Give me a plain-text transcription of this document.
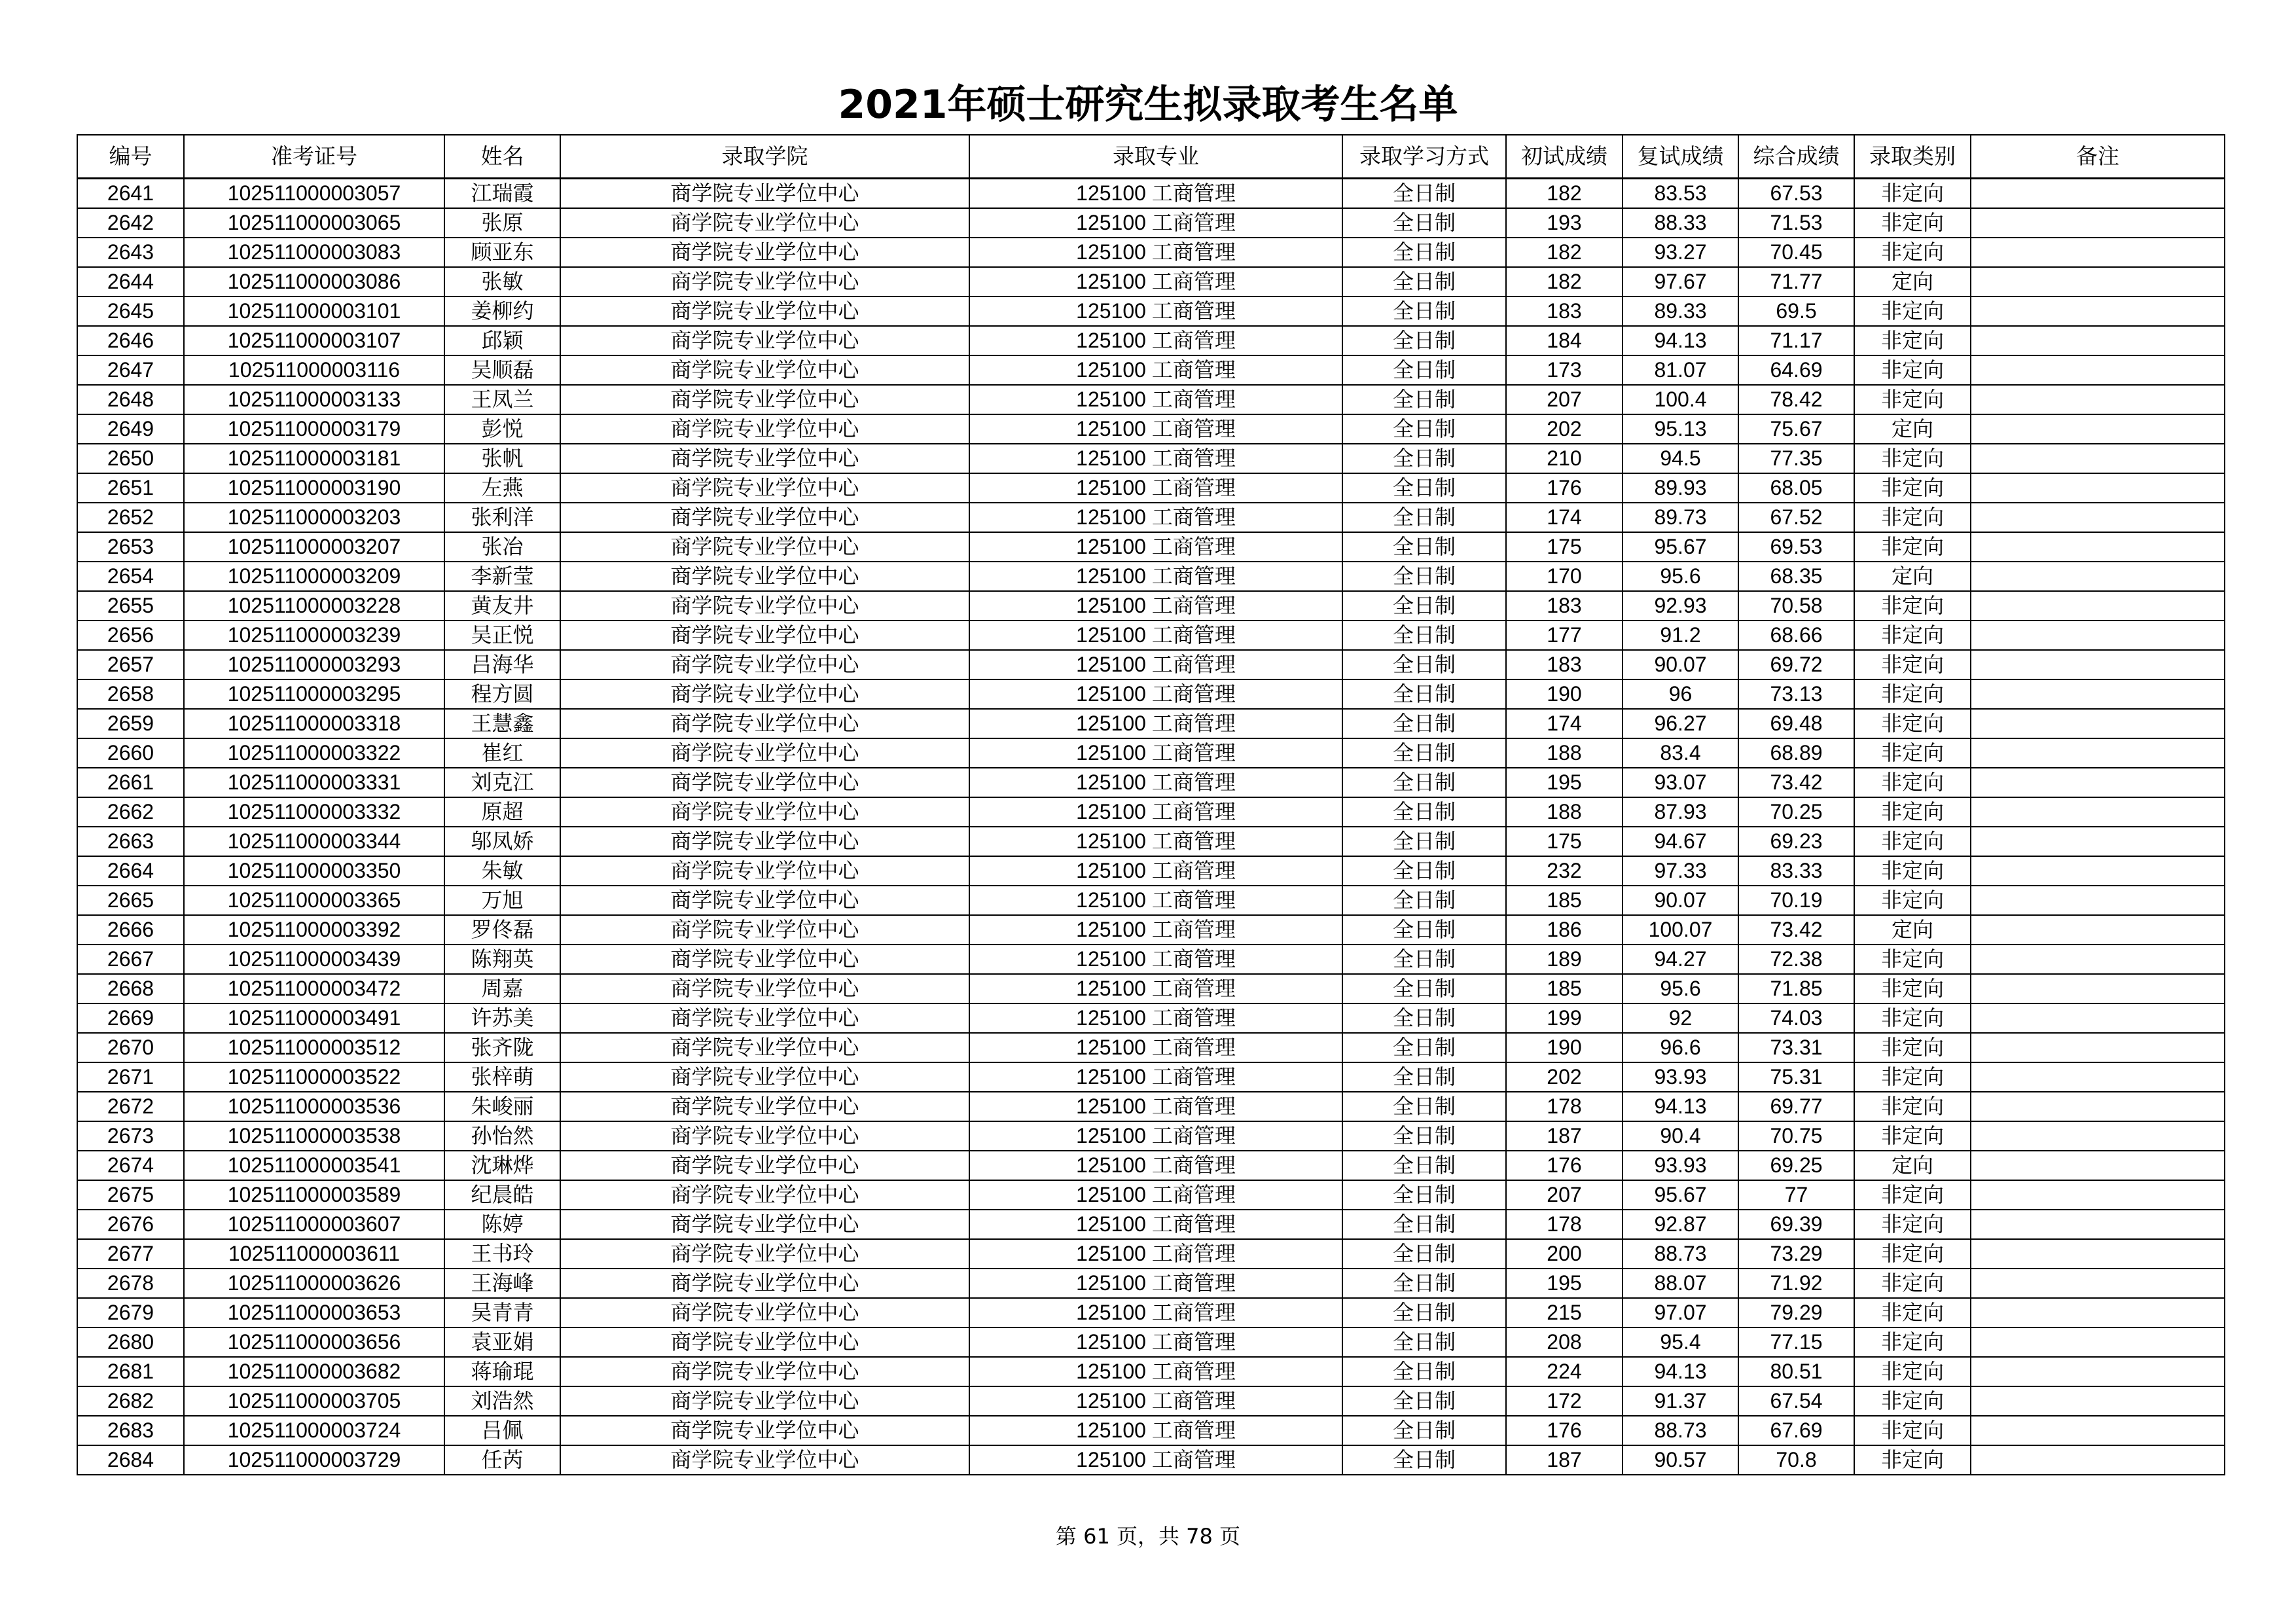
2021年硕士研究生拟录取考生名单
编号	准考证号	姓名	录取学院	录取专业	录取学习方式	初试成绩	复试成绩	综合成绩	录取类别	备注
2641	102511000003057	江瑞霞	商学院专业学位中心	125100 工商管理	全日制	182	83.53	67.53	非定向	
2642	102511000003065	张原	商学院专业学位中心	125100 工商管理	全日制	193	88.33	71.53	非定向	
2643	102511000003083	顾亚东	商学院专业学位中心	125100 工商管理	全日制	182	93.27	70.45	非定向	
2644	102511000003086	张敏	商学院专业学位中心	125100 工商管理	全日制	182	97.67	71.77	定向	
2645	102511000003101	姜柳约	商学院专业学位中心	125100 工商管理	全日制	183	89.33	69.5	非定向	
2646	102511000003107	邱颖	商学院专业学位中心	125100 工商管理	全日制	184	94.13	71.17	非定向	
2647	102511000003116	吴顺磊	商学院专业学位中心	125100 工商管理	全日制	173	81.07	64.69	非定向	
2648	102511000003133	王凤兰	商学院专业学位中心	125100 工商管理	全日制	207	100.4	78.42	非定向	
2649	102511000003179	彭悦	商学院专业学位中心	125100 工商管理	全日制	202	95.13	75.67	定向	
2650	102511000003181	张帆	商学院专业学位中心	125100 工商管理	全日制	210	94.5	77.35	非定向	
2651	102511000003190	左燕	商学院专业学位中心	125100 工商管理	全日制	176	89.93	68.05	非定向	
2652	102511000003203	张利洋	商学院专业学位中心	125100 工商管理	全日制	174	89.73	67.52	非定向	
2653	102511000003207	张冶	商学院专业学位中心	125100 工商管理	全日制	175	95.67	69.53	非定向	
2654	102511000003209	李新莹	商学院专业学位中心	125100 工商管理	全日制	170	95.6	68.35	定向	
2655	102511000003228	黄友井	商学院专业学位中心	125100 工商管理	全日制	183	92.93	70.58	非定向	
2656	102511000003239	吴正悦	商学院专业学位中心	125100 工商管理	全日制	177	91.2	68.66	非定向	
2657	102511000003293	吕海华	商学院专业学位中心	125100 工商管理	全日制	183	90.07	69.72	非定向	
2658	102511000003295	程方圆	商学院专业学位中心	125100 工商管理	全日制	190	96	73.13	非定向	
2659	102511000003318	王慧鑫	商学院专业学位中心	125100 工商管理	全日制	174	96.27	69.48	非定向	
2660	102511000003322	崔红	商学院专业学位中心	125100 工商管理	全日制	188	83.4	68.89	非定向	
2661	102511000003331	刘克江	商学院专业学位中心	125100 工商管理	全日制	195	93.07	73.42	非定向	
2662	102511000003332	原超	商学院专业学位中心	125100 工商管理	全日制	188	87.93	70.25	非定向	
2663	102511000003344	邬凤娇	商学院专业学位中心	125100 工商管理	全日制	175	94.67	69.23	非定向	
2664	102511000003350	朱敏	商学院专业学位中心	125100 工商管理	全日制	232	97.33	83.33	非定向	
2665	102511000003365	万旭	商学院专业学位中心	125100 工商管理	全日制	185	90.07	70.19	非定向	
2666	102511000003392	罗佟磊	商学院专业学位中心	125100 工商管理	全日制	186	100.07	73.42	定向	
2667	102511000003439	陈翔英	商学院专业学位中心	125100 工商管理	全日制	189	94.27	72.38	非定向	
2668	102511000003472	周嘉	商学院专业学位中心	125100 工商管理	全日制	185	95.6	71.85	非定向	
2669	102511000003491	许苏美	商学院专业学位中心	125100 工商管理	全日制	199	92	74.03	非定向	
2670	102511000003512	张齐陇	商学院专业学位中心	125100 工商管理	全日制	190	96.6	73.31	非定向	
2671	102511000003522	张梓萌	商学院专业学位中心	125100 工商管理	全日制	202	93.93	75.31	非定向	
2672	102511000003536	朱峻丽	商学院专业学位中心	125100 工商管理	全日制	178	94.13	69.77	非定向	
2673	102511000003538	孙怡然	商学院专业学位中心	125100 工商管理	全日制	187	90.4	70.75	非定向	
2674	102511000003541	沈琳烨	商学院专业学位中心	125100 工商管理	全日制	176	93.93	69.25	定向	
2675	102511000003589	纪晨皓	商学院专业学位中心	125100 工商管理	全日制	207	95.67	77	非定向	
2676	102511000003607	陈婷	商学院专业学位中心	125100 工商管理	全日制	178	92.87	69.39	非定向	
2677	102511000003611	王书玲	商学院专业学位中心	125100 工商管理	全日制	200	88.73	73.29	非定向	
2678	102511000003626	王海峰	商学院专业学位中心	125100 工商管理	全日制	195	88.07	71.92	非定向	
2679	102511000003653	吴青青	商学院专业学位中心	125100 工商管理	全日制	215	97.07	79.29	非定向	
2680	102511000003656	袁亚娟	商学院专业学位中心	125100 工商管理	全日制	208	95.4	77.15	非定向	
2681	102511000003682	蒋瑜琨	商学院专业学位中心	125100 工商管理	全日制	224	94.13	80.51	非定向	
2682	102511000003705	刘浩然	商学院专业学位中心	125100 工商管理	全日制	172	91.37	67.54	非定向	
2683	102511000003724	吕佩	商学院专业学位中心	125100 工商管理	全日制	176	88.73	67.69	非定向	
2684	102511000003729	任芮	商学院专业学位中心	125100 工商管理	全日制	187	90.57	70.8	非定向	
第 61 页，共 78 页
